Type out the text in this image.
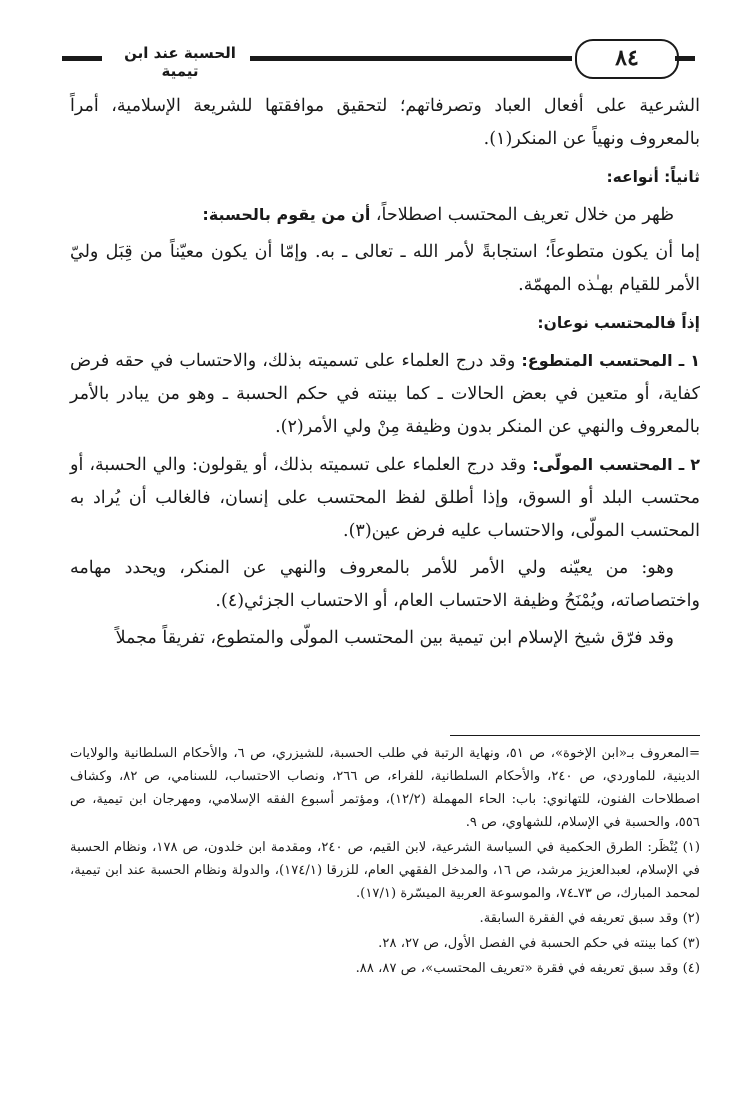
الحسبة عند ابن تيمية	٨٤

الشرعية على أفعال العباد وتصرفاتهم؛ لتحقيق موافقتها للشريعة الإسلامية، أمراً بالمعروف ونهياً عن المنكر(١).

ثانياً: أنواعه:

ظهر من خلال تعريف المحتسب اصطلاحاً، أن من يقوم بالحسبة:

إما أن يكون متطوعاً؛ استجابةً لأمر الله ـ تعالى ـ به. وإمّا أن يكون معيّناً من قِبَل وليّ الأمر للقيام بهـٰذه المهمّة.

إذاً فالمحتسب نوعان:

١ ـ المحتسب المتطوع: وقد درج العلماء على تسميته بذلك، والاحتساب في حقه فرض كفاية، أو متعين في بعض الحالات ـ كما بينته في حكم الحسبة ـ وهو من يبادر بالأمر بالمعروف والنهي عن المنكر بدون وظيفة مِنْ ولي الأمر(٢).

٢ ـ المحتسب المولّى: وقد درج العلماء على تسميته بذلك، أو يقولون: والي الحسبة، أو محتسب البلد أو السوق، وإذا أطلق لفظ المحتسب على إنسان، فالغالب أن يُراد به المحتسب المولّى، والاحتساب عليه فرض عين(٣).

وهو: من يعيّنه ولي الأمر للأمر بالمعروف والنهي عن المنكر، ويحدد مهامه واختصاصاته، ويُمْنَحُ وظيفة الاحتساب العام، أو الاحتساب الجزئي(٤).

وقد فرّق شيخ الإسلام ابن تيمية بين المحتسب المولّى والمتطوع، تفريقاً مجملاً

=المعروف بـ«ابن الإخوة»، ص ٥١، ونهاية الرتبة في طلب الحسبة، للشيزري، ص ٦، والأحكام السلطانية والولايات الدينية، للماوردي، ص ٢٤٠، والأحكام السلطانية، للفراء، ص ٢٦٦، ونصاب الاحتساب، للسنامي، ص ٨٢، وكشاف اصطلاحات الفنون، للتهانوي: باب: الحاء المهملة (١٢/٢)، ومؤتمر أسبوع الفقه الإسلامي، ومهرجان ابن تيمية، ص ٥٥٦، والحسبة في الإسلام، للشهاوي، ص ٩.

(١) يُنْظَر: الطرق الحكمية في السياسة الشرعية، لابن القيم، ص ٢٤٠، ومقدمة ابن خلدون، ص ١٧٨، ونظام الحسبة في الإسلام، لعبدالعزيز مرشد، ص ١٦، والمدخل الفقهي العام، للزرقا (١٧٤/١)، والدولة ونظام الحسبة عند ابن تيمية، لمحمد المبارك، ص ٧٣ـ٧٤، والموسوعة العربية الميسّرة (١٧/١).

(٢) وقد سبق تعريفه في الفقرة السابقة.

(٣) كما بينته في حكم الحسبة في الفصل الأول، ص ٢٧، ٢٨.

(٤) وقد سبق تعريفه في فقرة «تعريف المحتسب»، ص ٨٧، ٨٨.
